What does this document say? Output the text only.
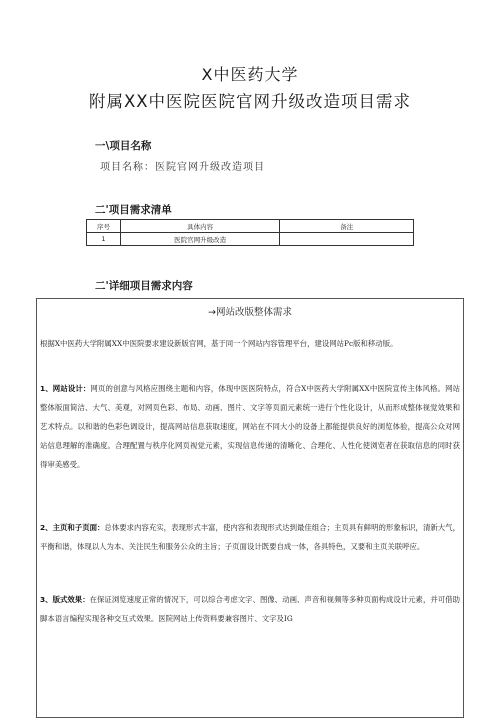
X中医药大学
附属XX中医院医院官网升级改造项目需求
一\项目名称
项目名称：医院官网升级改造项目
二'项目需求清单
序号	具体内容	备注
1	医院官网升级改造	
二'详细项目需求内容
→网站改版整体需求
根据X中医药大学附属XX中医院要求建设新版官网，基于同一个网站内容管理平台，建设网站Pc版和移动版。
1、网站设计：网页的创意与风格应围绕主题和内容，体现中医医院特点，符合X中医药大学附属XX中医院宣传主体风格。网站整体版面简洁、大气、美观，对网页色彩、布局、动画、图片、文字等页面元素统一进行个性化设计，从而形成整体视觉效果和艺术特点。以和谐的色彩色调设计，提高网站信息获取速度，网站在不同大小的设备上都能提供良好的浏览体验，提高公众对网站信息理解的准确度。合理配置与秩序化网页视觉元素，实现信息传递的清晰化、合理化、人性化使浏览者在获取信息的同时获得审美感受。
2、主页和子页面：总体要求内容充实，表现形式丰富，使内容和表现形式达到最佳组合；主页具有鲜明的形象标识，清新大气，平衡和谐，体现以人为本、关注民生和服务公众的主旨；子页面设计既要自成一体，各具特色，又要和主页关联呼应。
3、版式效果：在保证浏览速度正常的情况下，可以综合考虑文字、图像、动画、声音和视频等多种页面构成设计元素，并可借助脚本语言编程实现各种交互式效果。医院网站上传资料要兼容图片、文字及IG
